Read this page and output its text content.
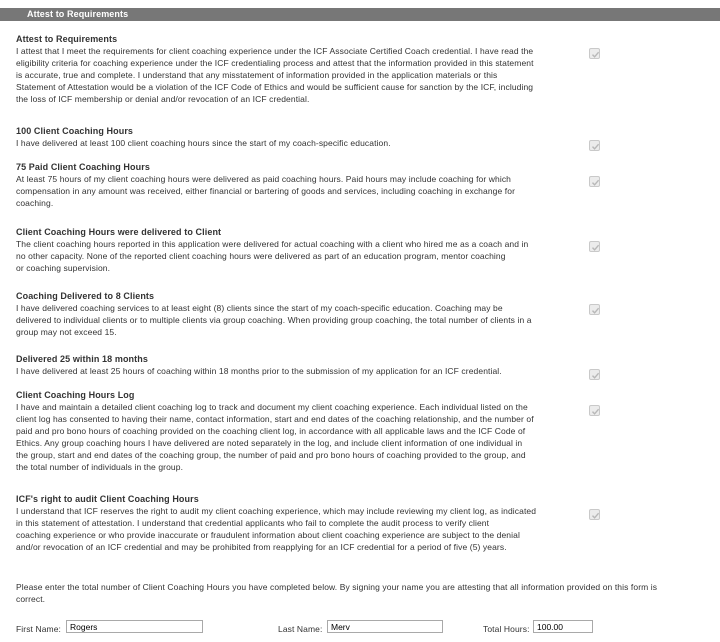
Attest to Requirements
Attest to Requirements
I attest that I meet the requirements for client coaching experience under the ICF Associate Certified Coach credential. I have read the
eligibility criteria for coaching experience under the ICF credentialing process and attest that the information provided in this statement
is accurate, true and complete. I understand that any misstatement of information provided in the application materials or this
Statement of Attestation would be a violation of the ICF Code of Ethics and would be sufficient cause for sanction by the ICF, including
the loss of ICF membership or denial and/or revocation of an ICF credential.
100 Client Coaching Hours
I have delivered at least 100 client coaching hours since the start of my coach-specific education.
75 Paid Client Coaching Hours
At least 75 hours of my client coaching hours were delivered as paid coaching hours. Paid hours may include coaching for which
compensation in any amount was received, either financial or bartering of goods and services, including coaching in exchange for
coaching.
Client Coaching Hours were delivered to Client
The client coaching hours reported in this application were delivered for actual coaching with a client who hired me as a coach and in
no other capacity. None of the reported client coaching hours were delivered as part of an education program, mentor coaching
or coaching supervision.
Coaching Delivered to 8 Clients
I have delivered coaching services to at least eight (8) clients since the start of my coach-specific education. Coaching may be
delivered to individual clients or to multiple clients via group coaching. When providing group coaching, the total number of clients in a
group may not exceed 15.
Delivered 25 within 18 months
I have delivered at least 25 hours of coaching within 18 months prior to the submission of my application for an ICF credential.
Client Coaching Hours Log
I have and maintain a detailed client coaching log to track and document my client coaching experience. Each individual listed on the
client log has consented to having their name, contact information, start and end dates of the coaching relationship, and the number of
paid and pro bono hours of coaching provided on the coaching client log, in accordance with all applicable laws and the ICF Code of
Ethics. Any group coaching hours I have delivered are noted separately in the log, and include client information of one individual in
the group, start and end dates of the coaching group, the number of paid and pro bono hours of coaching provided to the group, and
the total number of individuals in the group.
ICF's right to audit Client Coaching Hours
I understand that ICF reserves the right to audit my client coaching experience, which may include reviewing my client log, as indicated
in this statement of attestation. I understand that credential applicants who fail to complete the audit process to verify client
coaching experience or who provide inaccurate or fraudulent information about client coaching experience are subject to the denial
and/or revocation of an ICF credential and may be prohibited from reapplying for an ICF credential for a period of five (5) years.
Please enter the total number of Client Coaching Hours you have completed below. By signing your name you are attesting that all information provided on this form is
correct.
First Name:
Rogers	Last Name:
Merv	Total Hours:
100.00
